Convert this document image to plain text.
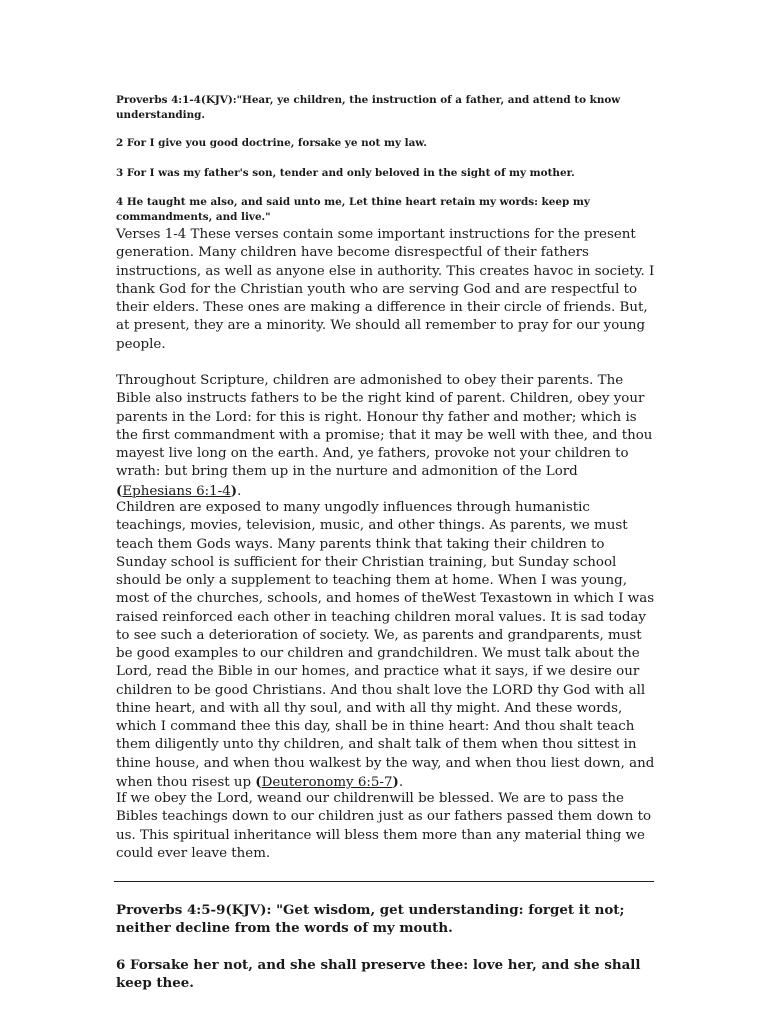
Proverbs 4:1-4(KJV):"Hear, ye children, the instruction of a father, and attend to know understanding.

2 For I give you good doctrine, forsake ye not my law.

3 For I was my father's son, tender and only beloved in the sight of my mother.

4 He taught me also, and said unto me, Let thine heart retain my words: keep my commandments, and live."

Verses 1-4 These verses contain some important instructions for the present generation. Many children have become disrespectful of their fathers instructions, as well as anyone else in authority. This creates havoc in society. I thank God for the Christian youth who are serving God and are respectful to their elders. These ones are making a difference in their circle of friends. But, at present, they are a minority. We should all remember to pray for our young people.

Throughout Scripture, children are admonished to obey their parents. The Bible also instructs fathers to be the right kind of parent. Children, obey your parents in the Lord: for this is right. Honour thy father and mother; which is the first commandment with a promise; that it may be well with thee, and thou mayest live long on the earth. And, ye fathers, provoke not your children to wrath: but bring them up in the nurture and admonition of the Lord (Ephesians 6:1-4).

Children are exposed to many ungodly influences through humanistic teachings, movies, television, music, and other things. As parents, we must teach them Gods ways. Many parents think that taking their children to Sunday school is sufficient for their Christian training, but Sunday school should be only a supplement to teaching them at home. When I was young, most of the churches, schools, and homes of theWest Texastown in which I was raised reinforced each other in teaching children moral values. It is sad today to see such a deterioration of society. We, as parents and grandparents, must be good examples to our children and grandchildren. We must talk about the Lord, read the Bible in our homes, and practice what it says, if we desire our children to be good Christians. And thou shalt love the LORD thy God with all thine heart, and with all thy soul, and with all thy might. And these words, which I command thee this day, shall be in thine heart: And thou shalt teach them diligently unto thy children, and shalt talk of them when thou sittest in thine house, and when thou walkest by the way, and when thou liest down, and when thou risest up (Deuteronomy 6:5-7).

If we obey the Lord, weand our childrenwill be blessed. We are to pass the Bibles teachings down to our children just as our fathers passed them down to us. This spiritual inheritance will bless them more than any material thing we could ever leave them.

Proverbs 4:5-9(KJV): "Get wisdom, get understanding: forget it not; neither decline from the words of my mouth.

6 Forsake her not, and she shall preserve thee: love her, and she shall keep thee.
